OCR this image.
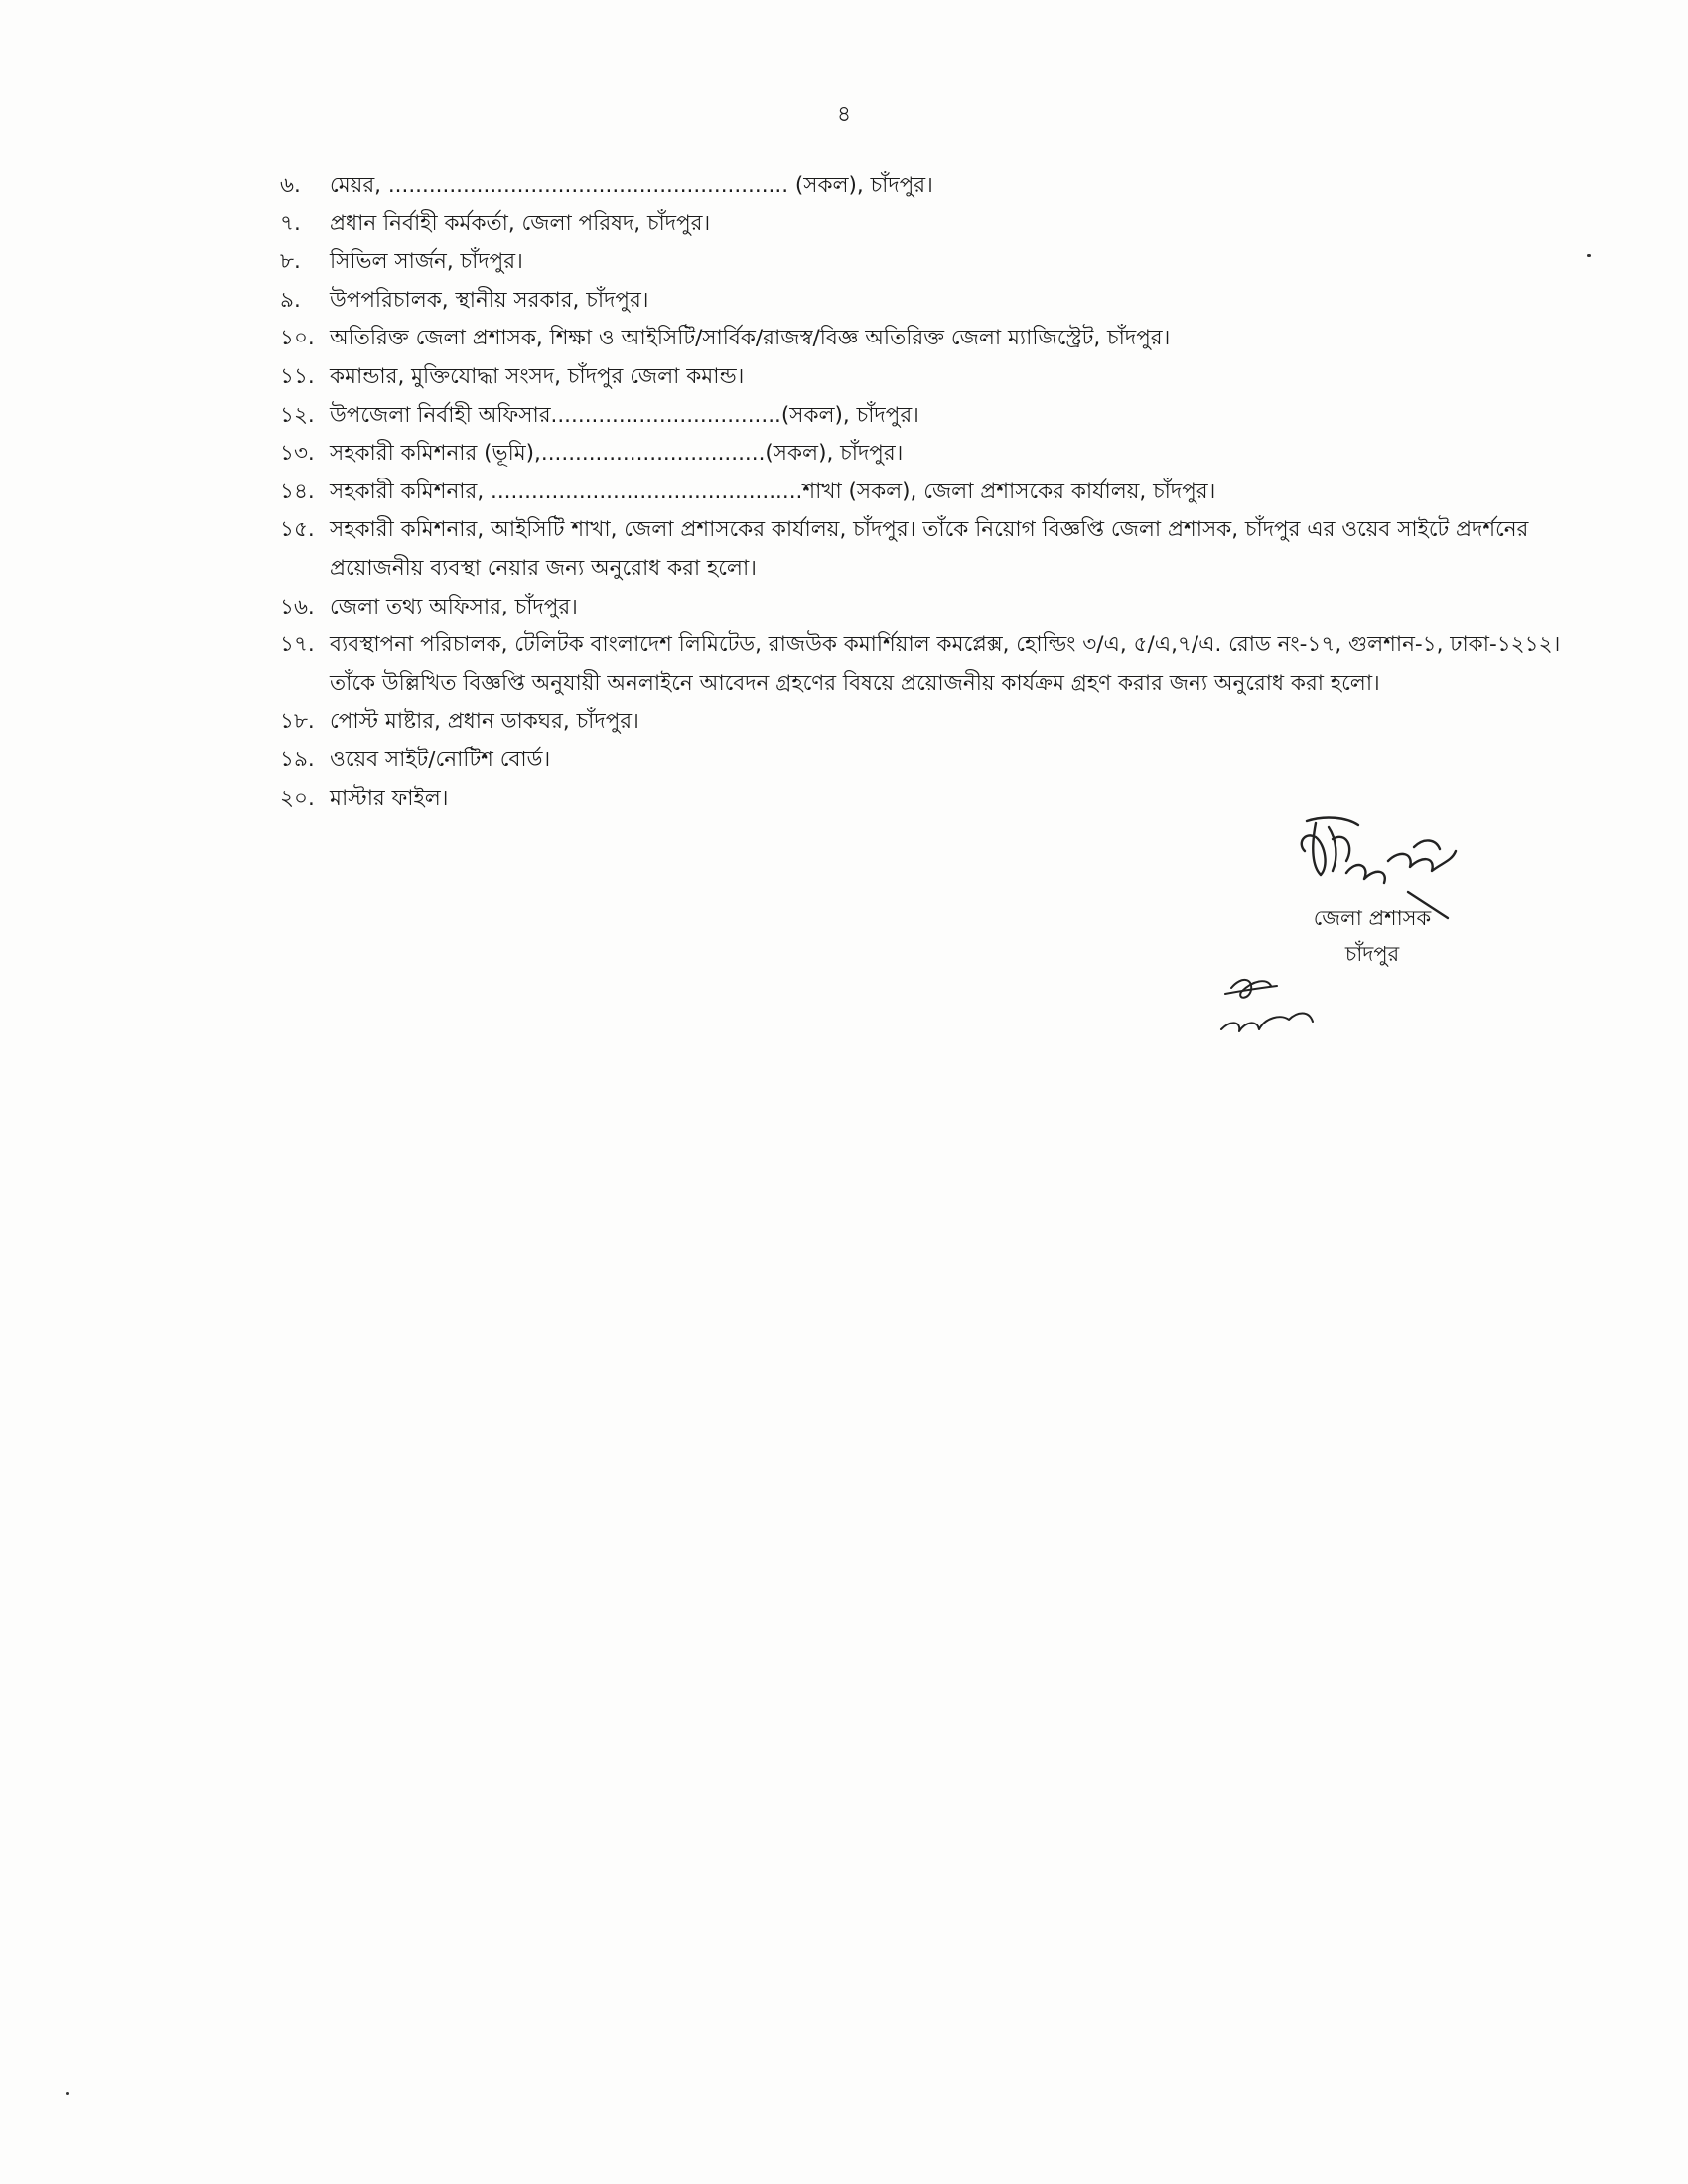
৪
৬.	মেয়র, ........................................................... (সকল), চাঁদপুর।
৭.	প্রধান নির্বাহী কর্মকর্তা, জেলা পরিষদ, চাঁদপুর।
৮.	সিভিল সার্জন, চাঁদপুর।
৯.	উপপরিচালক, স্থানীয় সরকার, চাঁদপুর।
১০. অতিরিক্ত জেলা প্রশাসক, শিক্ষা ও আইসিটি/সার্বিক/রাজস্ব/বিজ্ঞ অতিরিক্ত জেলা ম্যাজিস্ট্রেট, চাঁদপুর।
১১. কমান্ডার, মুক্তিযোদ্ধা সংসদ, চাঁদপুর জেলা কমান্ড।
১২. উপজেলা নির্বাহী অফিসার..................................(সকল), চাঁদপুর।
১৩. সহকারী কমিশনার (ভূমি),.................................(সকল), চাঁদপুর।
১৪. সহকারী কমিশনার, ..............................................শাখা (সকল), জেলা প্রশাসকের কার্যালয়, চাঁদপুর।
১৫. সহকারী কমিশনার, আইসিটি শাখা, জেলা প্রশাসকের কার্যালয়, চাঁদপুর। তাঁকে নিয়োগ বিজ্ঞপ্তি জেলা প্রশাসক, চাঁদপুর এর ওয়েব সাইটে প্রদর্শনের প্রয়োজনীয় ব্যবস্থা নেয়ার জন্য অনুরোধ করা হলো।
১৬. জেলা তথ্য অফিসার, চাঁদপুর।
১৭. ব্যবস্থাপনা পরিচালক, টেলিটক বাংলাদেশ লিমিটেড, রাজউক কমার্শিয়াল কমপ্লেক্স, হোল্ডিং ৩/এ, ৫/এ,৭/এ. রোড নং-১৭, গুলশান-১, ঢাকা-১২১২। তাঁকে উল্লিখিত বিজ্ঞপ্তি অনুযায়ী অনলাইনে আবেদন গ্রহণের বিষয়ে প্রয়োজনীয় কার্যক্রম গ্রহণ করার জন্য অনুরোধ করা হলো।
১৮. পোস্ট মাষ্টার, প্রধান ডাকঘর, চাঁদপুর।
১৯. ওয়েব সাইট/নোটিশ বোর্ড।
২০. মাস্টার ফাইল।
জেলা প্রশাসক
চাঁদপুর
